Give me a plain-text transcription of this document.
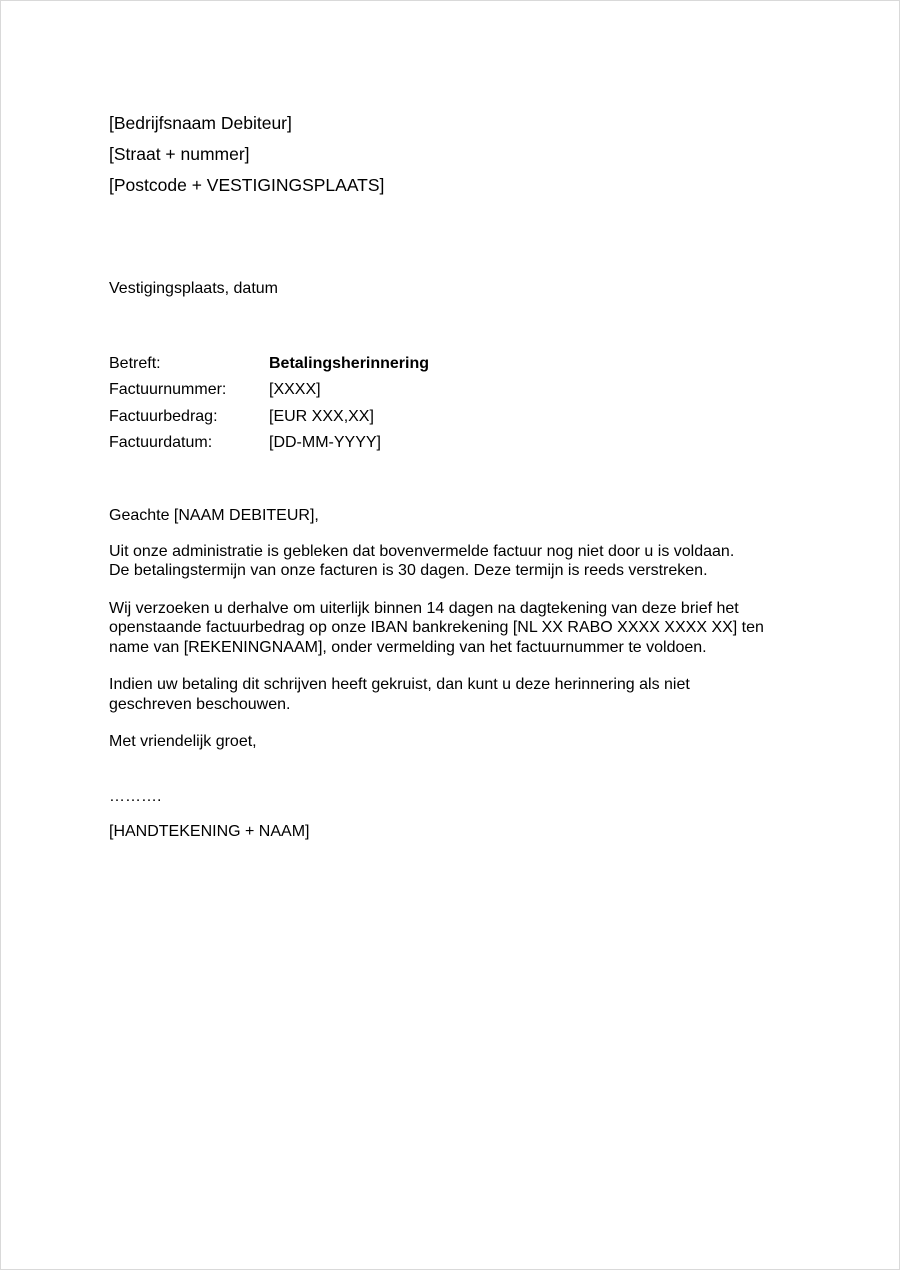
[Bedrijfsnaam Debiteur]
[Straat + nummer]
[Postcode + VESTIGINGSPLAATS]
Vestigingsplaats, datum
Betreft:	Betalingsherinnering
Factuurnummer:	[XXXX]
Factuurbedrag:	[EUR XXX,XX]
Factuurdatum:	[DD-MM-YYYY]

Geachte [NAAM DEBITEUR],

Uit onze administratie is gebleken dat bovenvermelde factuur nog niet door u is voldaan.
De betalingstermijn van onze facturen is 30 dagen. Deze termijn is reeds verstreken.
Wij verzoeken u derhalve om uiterlijk binnen 14 dagen na dagtekening van deze brief het
openstaande factuurbedrag op onze IBAN bankrekening [NL XX RABO XXXX XXXX XX] ten
name van [REKENINGNAAM], onder vermelding van het factuurnummer te voldoen.
Indien uw betaling dit schrijven heeft gekruist, dan kunt u deze herinnering als niet
geschreven beschouwen.

Met vriendelijk groet,

……….

[HANDTEKENING + NAAM]
